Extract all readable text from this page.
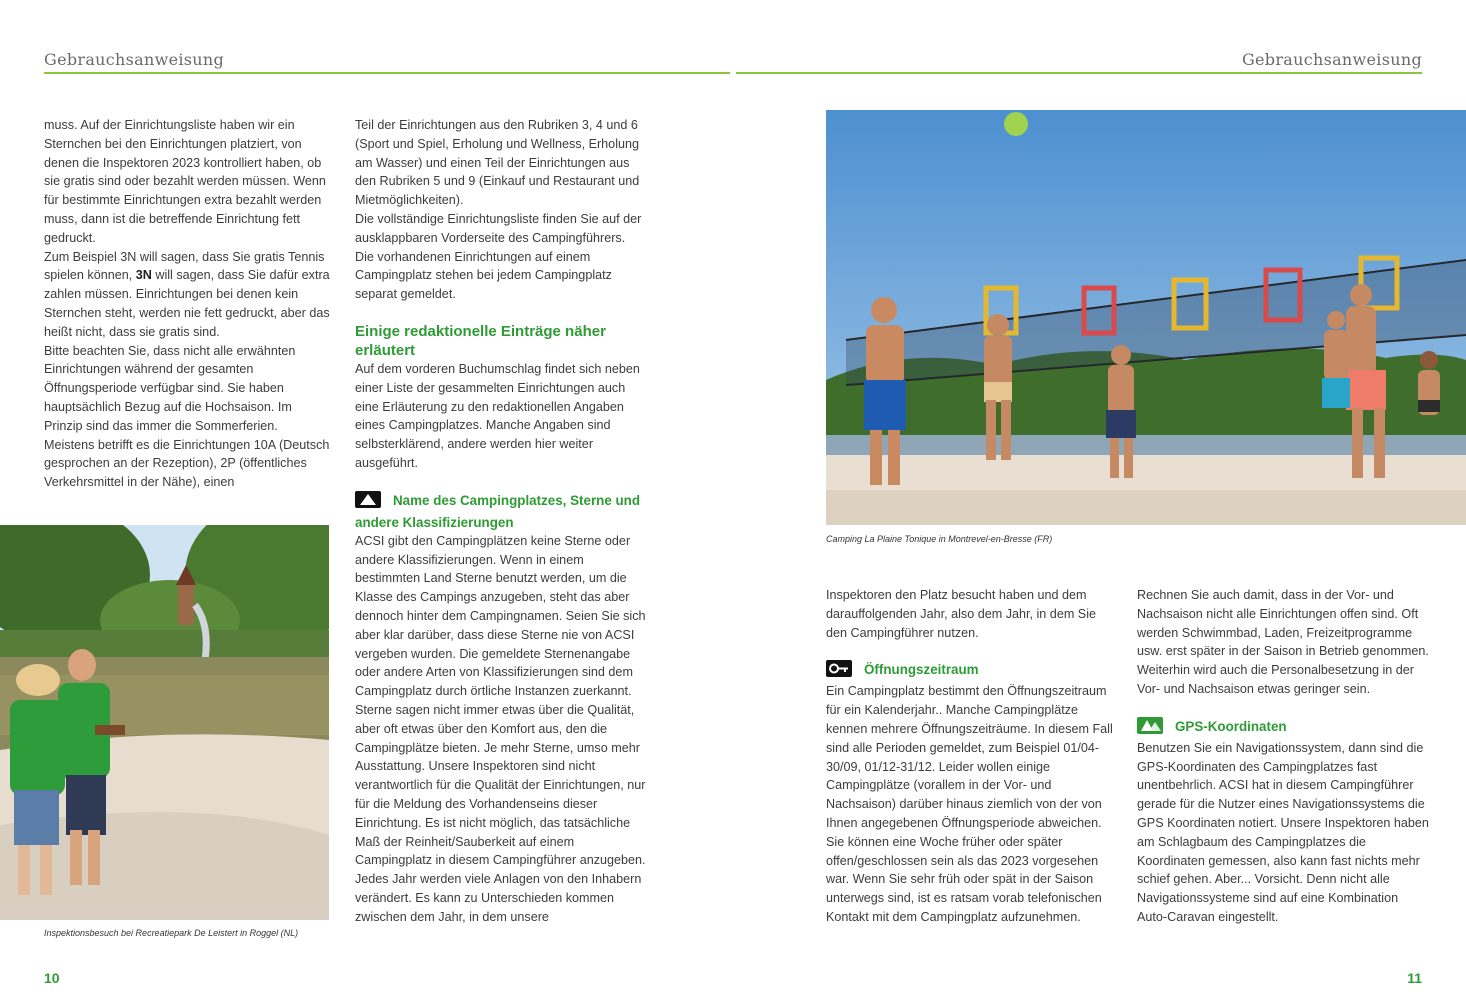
Gebrauchsanweisung	Gebrauchsanweisung

muss. Auf der Einrichtungsliste haben wir ein Sternchen bei den Einrichtungen platziert, von denen die Inspektoren 2023 kontrolliert haben, ob sie gratis sind oder bezahlt werden müssen. Wenn für bestimmte Einrichtungen extra bezahlt werden muss, dann ist die betreffende Einrichtung fett gedruckt.

Zum Beispiel 3N will sagen, dass Sie gratis Tennis spielen können, 3N will sagen, dass Sie dafür extra zahlen müssen. Einrichtungen bei denen kein Sternchen steht, werden nie fett gedruckt, aber das heißt nicht, dass sie gratis sind.

Bitte beachten Sie, dass nicht alle erwähnten Einrichtungen während der gesamten Öffnungsperiode verfügbar sind. Sie haben hauptsächlich Bezug auf die Hochsaison. Im Prinzip sind das immer die Sommerferien. Meistens betrifft es die Einrichtungen 10A (Deutsch gesprochen an der Rezeption), 2P (öffentliches Verkehrsmittel in der Nähe), einen

Inspektionsbesuch bei Recreatiepark De Leistert in Roggel (NL)

Teil der Einrichtungen aus den Rubriken 3, 4 und 6 (Sport und Spiel, Erholung und Wellness, Erholung am Wasser) und einen Teil der Einrichtungen aus den Rubriken 5 und 9 (Einkauf und Restaurant und Mietmöglichkeiten).

Die vollständige Einrichtungsliste finden Sie auf der ausklappbaren Vorderseite des Campingführers. Die vorhandenen Einrichtungen auf einem Campingplatz stehen bei jedem Campingplatz separat gemeldet.

Einige redaktionelle Einträge näher erläutert

Auf dem vorderen Buchumschlag findet sich neben einer Liste der gesammelten Einrichtungen auch eine Erläuterung zu den redaktionellen Angaben eines Campingplatzes. Manche Angaben sind selbsterklärend, andere werden hier weiter ausgeführt.

Name des Campingplatzes, Sterne und andere Klassifizierungen

ACSI gibt den Campingplätzen keine Sterne oder andere Klassifizierungen. Wenn in einem bestimmten Land Sterne benutzt werden, um die Klasse des Campings anzugeben, steht das aber dennoch hinter dem Campingnamen. Seien Sie sich aber klar darüber, dass diese Sterne nie von ACSI vergeben wurden. Die gemeldete Sternenangabe oder andere Arten von Klassifizierungen sind dem Campingplatz durch örtliche Instanzen zuerkannt. Sterne sagen nicht immer etwas über die Qualität, aber oft etwas über den Komfort aus, den die Campingplätze bieten. Je mehr Sterne, umso mehr Ausstattung. Unsere Inspektoren sind nicht verantwortlich für die Qualität der Einrichtungen, nur für die Meldung des Vorhandenseins dieser Einrichtung. Es ist nicht möglich, das tatsächliche Maß der Reinheit/Sauberkeit auf einem Campingplatz in diesem Campingführer anzugeben.

Jedes Jahr werden viele Anlagen von den Inhabern verändert. Es kann zu Unterschieden kommen zwischen dem Jahr, in dem unsere

10
Camping La Plaine Tonique in Montrevel-en-Bresse (FR)

Inspektoren den Platz besucht haben und dem darauffolgenden Jahr, also dem Jahr, in dem Sie den Campingführer nutzen.

Öffnungszeitraum

Ein Campingplatz bestimmt den Öffnungszeitraum für ein Kalenderjahr.. Manche Campingplätze kennen mehrere Öffnungszeiträume. In diesem Fall sind alle Perioden gemeldet, zum Beispiel 01/04-30/09, 01/12-31/12. Leider wollen einige Campingplätze (vorallem in der Vor- und Nachsaison) darüber hinaus ziemlich von der von Ihnen angegebenen Öffnungsperiode abweichen. Sie können eine Woche früher oder später offen/geschlossen sein als das 2023 vorgesehen war. Wenn Sie sehr früh oder spät in der Saison unterwegs sind, ist es ratsam vorab telefonischen Kontakt mit dem Campingplatz aufzunehmen.

Rechnen Sie auch damit, dass in der Vor- und Nachsaison nicht alle Einrichtungen offen sind. Oft werden Schwimmbad, Laden, Freizeitprogramme usw. erst später in der Saison in Betrieb genommen. Weiterhin wird auch die Personalbesetzung in der Vor- und Nachsaison etwas geringer sein.

GPS-Koordinaten

Benutzen Sie ein Navigationssystem, dann sind die GPS-Koordinaten des Campingplatzes fast unentbehrlich. ACSI hat in diesem Campingführer gerade für die Nutzer eines Navigationssystems die GPS Koordinaten notiert. Unsere Inspektoren haben am Schlagbaum des Campingplatzes die Koordinaten gemessen, also kann fast nichts mehr schief gehen. Aber... Vorsicht. Denn nicht alle Navigationssysteme sind auf eine Kombination Auto-Caravan eingestellt.

11
